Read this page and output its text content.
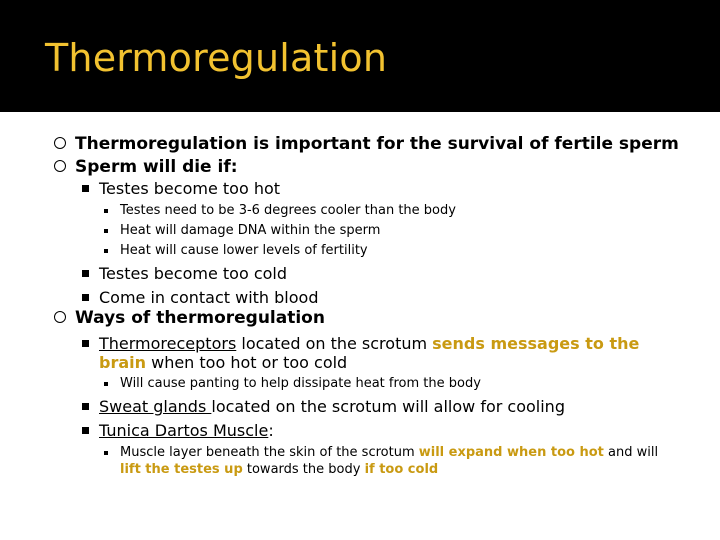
Thermoregulation
Thermoregulation is important for the survival of fertile sperm
Sperm will die if:
Testes become too hot
Testes need to be 3-6 degrees cooler than the body
Heat will damage DNA within the sperm
Heat will cause lower levels of fertility
Testes become too cold
Come in contact with blood
Ways of thermoregulation
Thermoreceptors located on the scrotum sends messages to the
brain when too hot or too cold
Will cause panting to help dissipate heat from the body
Sweat glands located on the scrotum will allow for cooling
Tunica Dartos Muscle:
Muscle layer beneath the skin of the scrotum will expand when too hot and will
lift the testes up towards the body if too cold
